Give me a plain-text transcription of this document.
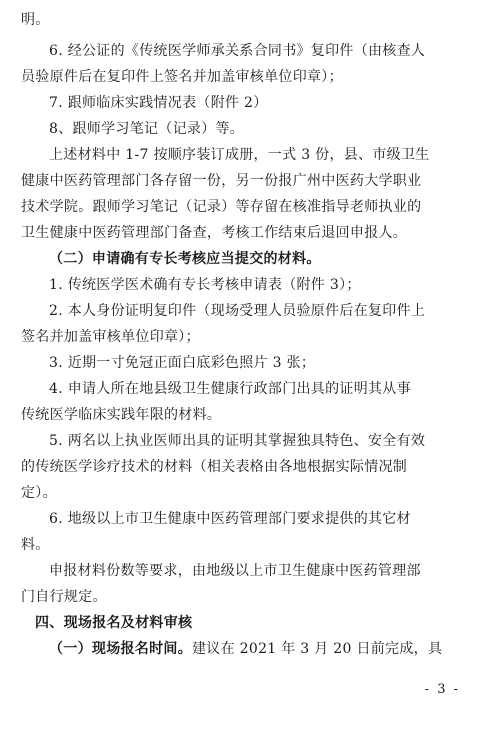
明。
6. 经公证的《传统医学师承关系合同书》复印件（由核查人
员验原件后在复印件上签名并加盖审核单位印章）；
7. 跟师临床实践情况表（附件 2）
8、跟师学习笔记（记录）等。
上述材料中 1-7 按顺序装订成册，一式 3 份，县、市级卫生
健康中医药管理部门各存留一份，另一份报广州中医药大学职业
技术学院。跟师学习笔记（记录）等存留在核准指导老师执业的
卫生健康中医药管理部门备查，考核工作结束后退回申报人。
（二）申请确有专长考核应当提交的材料。
1. 传统医学医术确有专长考核申请表（附件 3）；
2. 本人身份证明复印件（现场受理人员验原件后在复印件上
签名并加盖审核单位印章）；
3. 近期一寸免冠正面白底彩色照片 3 张；
4. 申请人所在地县级卫生健康行政部门出具的证明其从事
传统医学临床实践年限的材料。
5. 两名以上执业医师出具的证明其掌握独具特色、安全有效
的传统医学诊疗技术的材料（相关表格由各地根据实际情况制
定）。
6. 地级以上市卫生健康中医药管理部门要求提供的其它材
料。
申报材料份数等要求，由地级以上市卫生健康中医药管理部
门自行规定。
四、现场报名及材料审核
（一）现场报名时间。建议在 2021 年 3 月 20 日前完成，具
- 3 -
